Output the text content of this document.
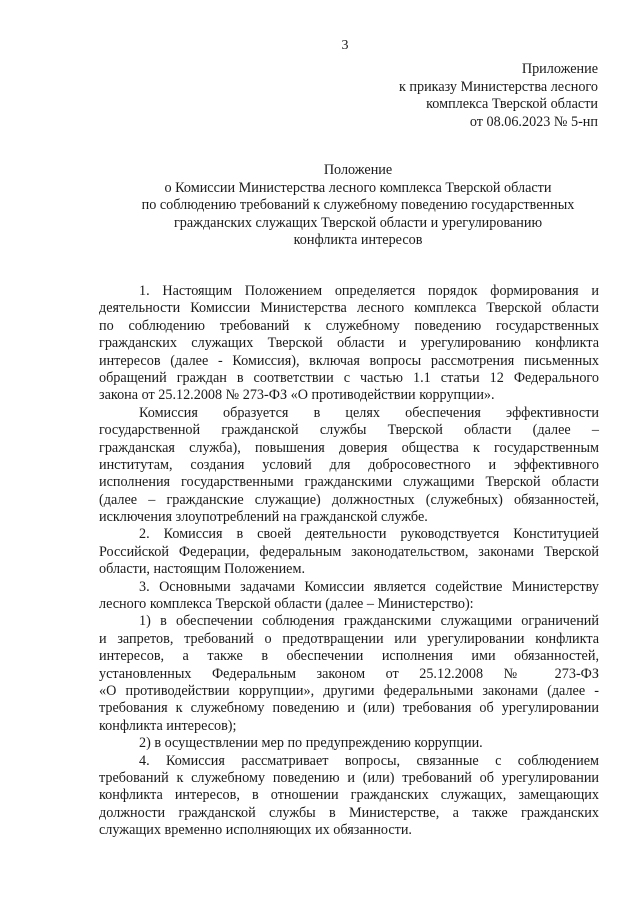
3
Приложение
к приказу Министерства лесного
комплекса Тверской области
от 08.06.2023 № 5-нп
Положение
о Комиссии Министерства лесного комплекса Тверской области
по соблюдению требований к служебному поведению государственных
гражданских служащих Тверской области и урегулированию
конфликта интересов
1. Настоящим Положением определяется порядок формирования и
деятельности Комиссии Министерства лесного комплекса Тверской области
по соблюдению требований к служебному поведению государственных
гражданских служащих Тверской области и урегулированию конфликта
интересов (далее - Комиссия), включая вопросы рассмотрения письменных
обращений граждан в соответствии с частью 1.1 статьи 12 Федерального
закона от 25.12.2008 № 273-ФЗ «О противодействии коррупции».
Комиссия образуется в целях обеспечения эффективности
государственной гражданской службы Тверской области (далее –
гражданская служба), повышения доверия общества к государственным
институтам, создания условий для добросовестного и эффективного
исполнения государственными гражданскими служащими Тверской области
(далее – гражданские служащие) должностных (служебных) обязанностей,
исключения злоупотреблений на гражданской службе.
2. Комиссия в своей деятельности руководствуется Конституцией
Российской Федерации, федеральным законодательством, законами Тверской
области, настоящим Положением.
3. Основными задачами Комиссии является содействие Министерству
лесного комплекса Тверской области (далее – Министерство):
1) в обеспечении соблюдения гражданскими служащими ограничений
и запретов, требований о предотвращении или урегулировании конфликта
интересов, а также в обеспечении исполнения ими обязанностей,
установленных Федеральным законом от 25.12.2008 № 273-ФЗ
«О противодействии коррупции», другими федеральными законами (далее -
требования к служебному поведению и (или) требования об урегулировании
конфликта интересов);
2) в осуществлении мер по предупреждению коррупции.
4. Комиссия рассматривает вопросы, связанные с соблюдением
требований к служебному поведению и (или) требований об урегулировании
конфликта интересов, в отношении гражданских служащих, замещающих
должности гражданской службы в Министерстве, а также гражданских
служащих временно исполняющих их обязанности.
